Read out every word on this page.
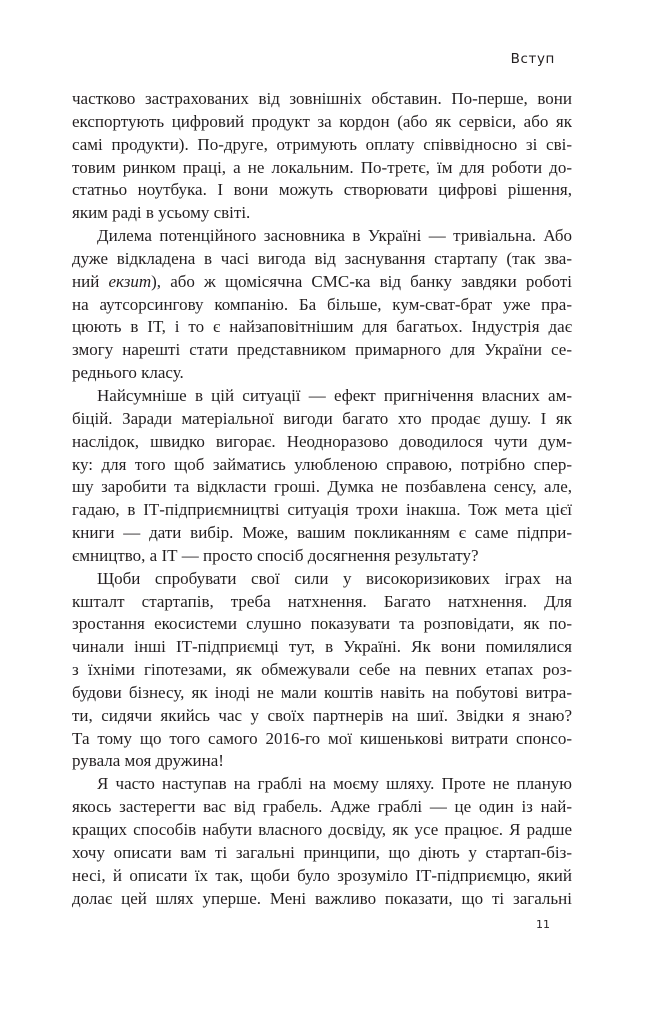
Вступ
частково застрахованих від зовнішніх обставин. По-перше, вони
експортують цифровий продукт за кордон (або як сервіси, або як
самі продукти). По-друге, отримують оплату співвідносно зі сві-
товим ринком праці, а не локальним. По-третє, їм для роботи до-
статньо ноутбука. І вони можуть створювати цифрові рішення,
яким раді в усьому світі.
Дилема потенційного засновника в Україні — тривіальна. Або
дуже відкладена в часі вигода від заснування стартапу (так зва-
ний екзит), або ж щомісячна СМС-ка від банку завдяки роботі
на аутсорсингову компанію. Ба більше, кум-сват-брат уже пра-
цюють в ІТ, і то є найзаповітнішим для багатьох. Індустрія дає
змогу нарешті стати представником примарного для України се-
реднього класу.
Найсумніше в цій ситуації — ефект пригнічення власних ам-
біцій. Заради матеріальної вигоди багато хто продає душу. І як
наслідок, швидко вигорає. Неодноразово доводилося чути дум-
ку: для того щоб займатись улюбленою справою, потрібно спер-
шу заробити та відкласти гроші. Думка не позбавлена сенсу, але,
гадаю, в ІТ-підприємництві ситуація трохи інакша. Тож мета цієї
книги — дати вибір. Може, вашим покликанням є саме підпри-
ємництво, а ІТ — просто спосіб досягнення результату?
Щоби спробувати свої сили у високоризикових іграх на
кшталт стартапів, треба натхнення. Багато натхнення. Для
зростання екосистеми слушно показувати та розповідати, як по-
чинали інші ІТ-підприємці тут, в Україні. Як вони помилялися
з їхніми гіпотезами, як обмежували себе на певних етапах роз-
будови бізнесу, як іноді не мали коштів навіть на побутові витра-
ти, сидячи якийсь час у своїх партнерів на шиї. Звідки я знаю?
Та тому що того самого 2016-го мої кишенькові витрати спонсо-
рувала моя дружина!
Я часто наступав на граблі на моєму шляху. Проте не планую
якось застерегти вас від грабель. Адже граблі — це один із най-
кращих способів набути власного досвіду, як усе працює. Я радше
хочу описати вам ті загальні принципи, що діють у стартап-біз-
несі, й описати їх так, щоби було зрозуміло ІТ-підприємцю, який
долає цей шлях уперше. Мені важливо показати, що ті загальні
11
